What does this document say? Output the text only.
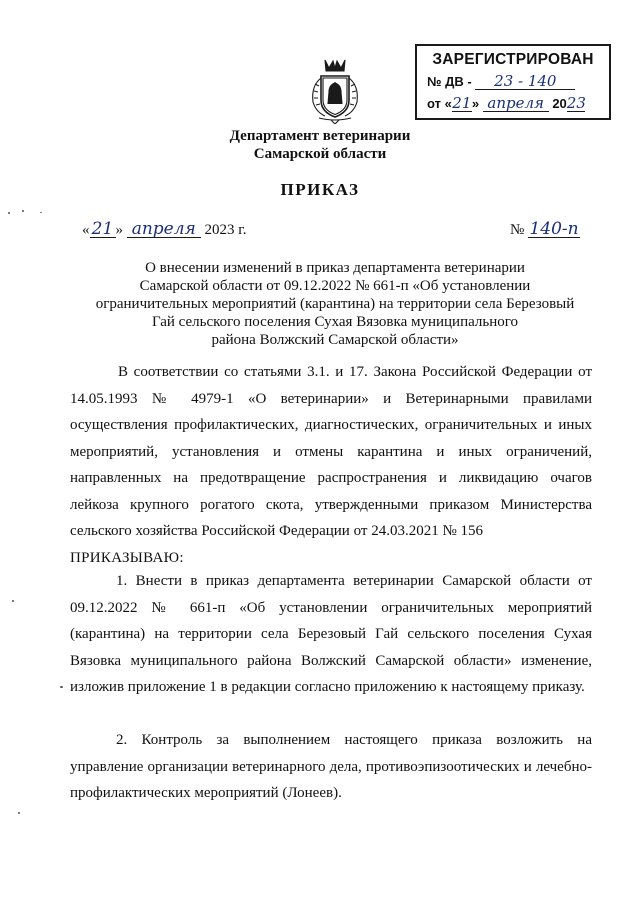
ЗАРЕГИСТРИРОВАН
№ ДВ - 23 - 140
от «21» апреля 2023
Департамент ветеринарии
Самарской области
ПРИКАЗ
« 21 » апреля 2023 г.	№ 140-п
О внесении изменений в приказ департамента ветеринарии
Самарской области от 09.12.2022 № 661-п «Об установлении
ограничительных мероприятий (карантина) на территории села Березовый
Гай сельского поселения Сухая Вязовка муниципального
района Волжский Самарской области»
В соответствии со статьями 3.1. и 17. Закона Российской Федерации от 14.05.1993 № 4979-1 «О ветеринарии» и Ветеринарными правилами осуществления профилактических, диагностических, ограничительных и иных мероприятий, установления и отмены карантина и иных ограничений, направленных на предотвращение распространения и ликвидацию очагов лейкоза крупного рогатого скота, утвержденными приказом Министерства сельского хозяйства Российской Федерации от 24.03.2021 № 156
ПРИКАЗЫВАЮ:
1. Внести в приказ департамента ветеринарии Самарской области от 09.12.2022 № 661-п «Об установлении ограничительных мероприятий (карантина) на территории села Березовый Гай сельского поселения Сухая Вязовка муниципального района Волжский Самарской области» изменение, изложив приложение 1 в редакции согласно приложению к настоящему приказу.
2. Контроль за выполнением настоящего приказа возложить на управление организации ветеринарного дела, противоэпизоотических и лечебно-профилактических мероприятий (Лонеев).
